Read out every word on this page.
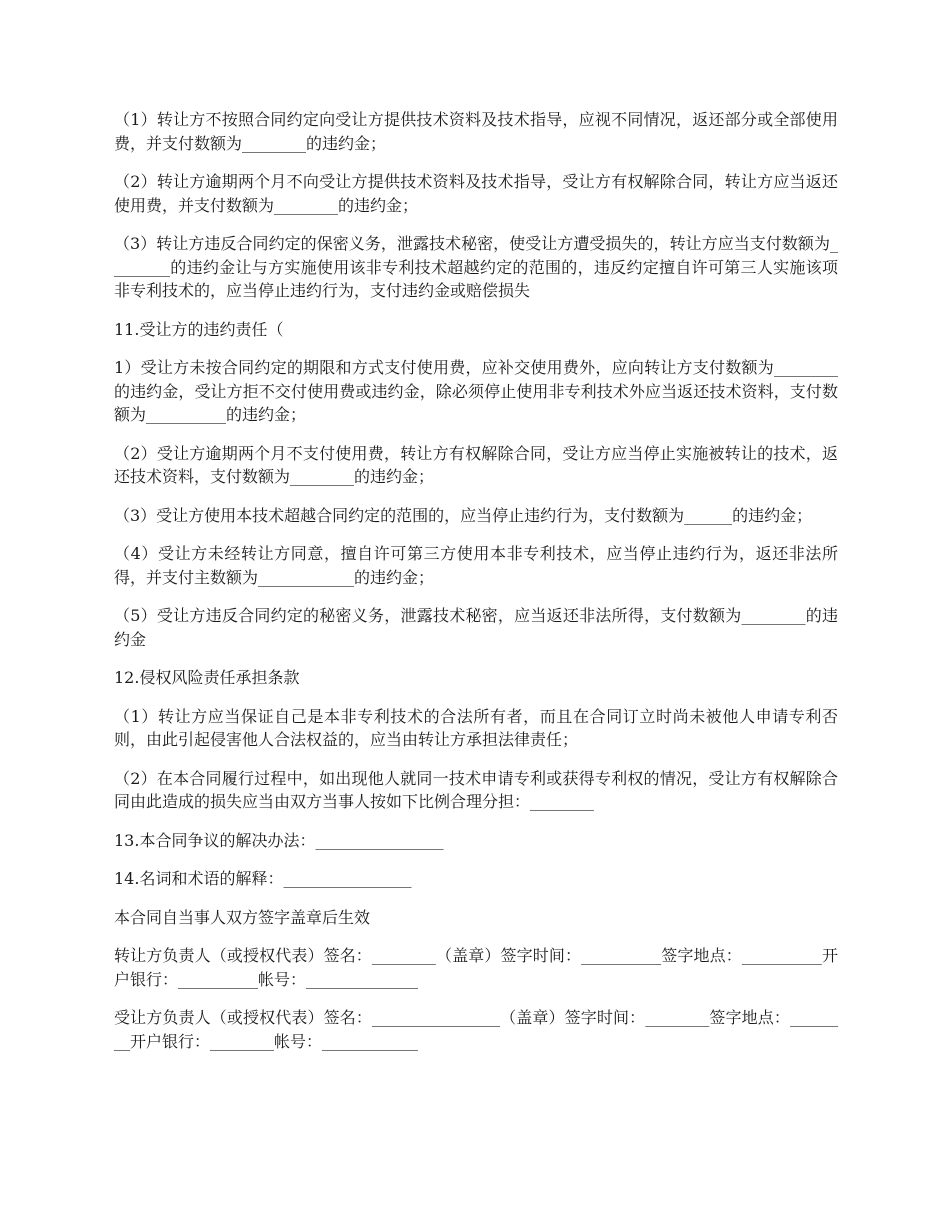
（1）转让方不按照合同约定向受让方提供技术资料及技术指导，应视不同情况，返还部分或全部使用费，并支付数额为________的违约金；

（2）转让方逾期两个月不向受让方提供技术资料及技术指导，受让方有权解除合同，转让方应当返还使用费，并支付数额为________的违约金；

（3）转让方违反合同约定的保密义务，泄露技术秘密，使受让方遭受损失的，转让方应当支付数额为________的违约金让与方实施使用该非专利技术超越约定的范围的，违反约定擅自许可第三人实施该项非专利技术的，应当停止违约行为，支付违约金或赔偿损失

11.受让方的违约责任（

1）受让方未按合同约定的期限和方式支付使用费，应补交使用费外，应向转让方支付数额为________的违约金，受让方拒不交付使用费或违约金，除必须停止使用非专利技术外应当返还技术资料，支付数额为__________的违约金；

（2）受让方逾期两个月不支付使用费，转让方有权解除合同，受让方应当停止实施被转让的技术，返还技术资料，支付数额为________的违约金；

（3）受让方使用本技术超越合同约定的范围的，应当停止违约行为，支付数额为______的违约金；

（4）受让方未经转让方同意，擅自许可第三方使用本非专利技术，应当停止违约行为，返还非法所得，并支付主数额为____________的违约金；

（5）受让方违反合同约定的秘密义务，泄露技术秘密，应当返还非法所得，支付数额为________的违约金

12.侵权风险责任承担条款

（1）转让方应当保证自己是本非专利技术的合法所有者，而且在合同订立时尚未被他人申请专利否则，由此引起侵害他人合法权益的，应当由转让方承担法律责任；

（2）在本合同履行过程中，如出现他人就同一技术申请专利或获得专利权的情况，受让方有权解除合同由此造成的损失应当由双方当事人按如下比例合理分担：________

13.本合同争议的解决办法：________________

14.名词和术语的解释：________________

本合同自当事人双方签字盖章后生效

转让方负责人（或授权代表）签名：________（盖章）签字时间：__________签字地点：__________开户银行：__________帐号：______________

受让方负责人（或授权代表）签名：________________（盖章）签字时间：________签字地点：________开户银行：________帐号：____________
